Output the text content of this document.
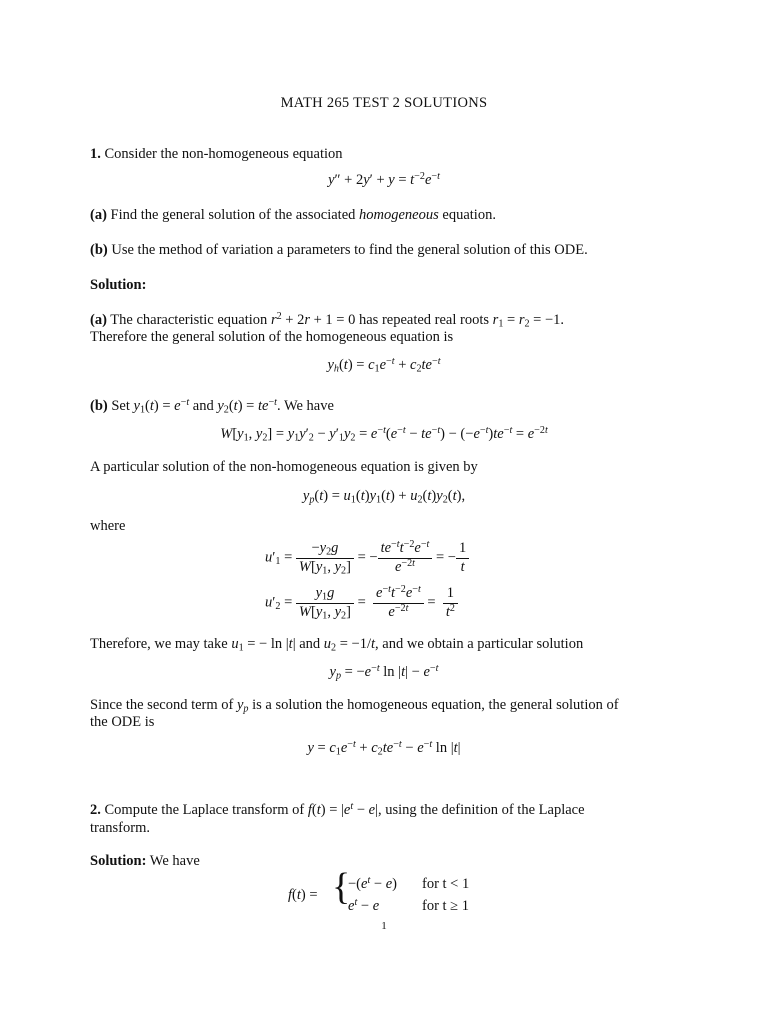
MATH 265 TEST 2 SOLUTIONS
1. Consider the non-homogeneous equation
$y'' + 2y' + y = t^{-2}e^{-t}$
(a) Find the general solution of the associated homogeneous equation.
(b) Use the method of variation a parameters to find the general solution of this ODE.
Solution:
(a) The characteristic equation $r^2 + 2r + 1 = 0$ has repeated real roots $r_1 = r_2 = -1$.
Therefore the general solution of the homogeneous equation is
$y_h(t) = c_1e^{-t} + c_2te^{-t}$
(b) Set $y_1(t) = e^{-t}$ and $y_2(t) = te^{-t}$. We have
$W[y_1$, $y_2] = y_1y'_2 - y'_1y_2 = e^{-t}(e^{-t} - te^{-t}) - (-e^{-t})te^{-t} = e^{-2t}$
A particular solution of the non-homogeneous equation is given by
$y_p(t) = u_1(t)y_1(t) + u_2(t)y_2(t)$,
where
$u'_1 = \frac{-y_2g}{W[y_1, y_2]}$ = − $\frac{te^{-t}t^{-2}e^{-t}}{e^{-2t}}$ = − $\frac{1}{t}$
$u'_2 = \frac{y_1g}{W[y_1, y_2]} = \frac{e^{-t}t^{-2}e^{-t}}{e^{-2t}} = \frac{1}{t^2}$
Therefore, we may take $u_1$ = − ln |t| and $u_2 = -1/t$, and we obtain a particular solution
$y_p = -e^{-t}$ $\ln |t| - e^{-t}$
Since the second term of $y_p$ is a solution the homogeneous equation, the general solution of
the ODE is
$y = c_1e^{-t} + c_2te^{-t} - e^{-t}$ ln |t|
2. Compute the Laplace transform of $f(t) = |e^t - e|$, using the definition of the Laplace
transform.
Solution: We have
f(t) = {
$-(e^t - e)$ for t < 1
$e^t - e$	for t ≥ 1
1
